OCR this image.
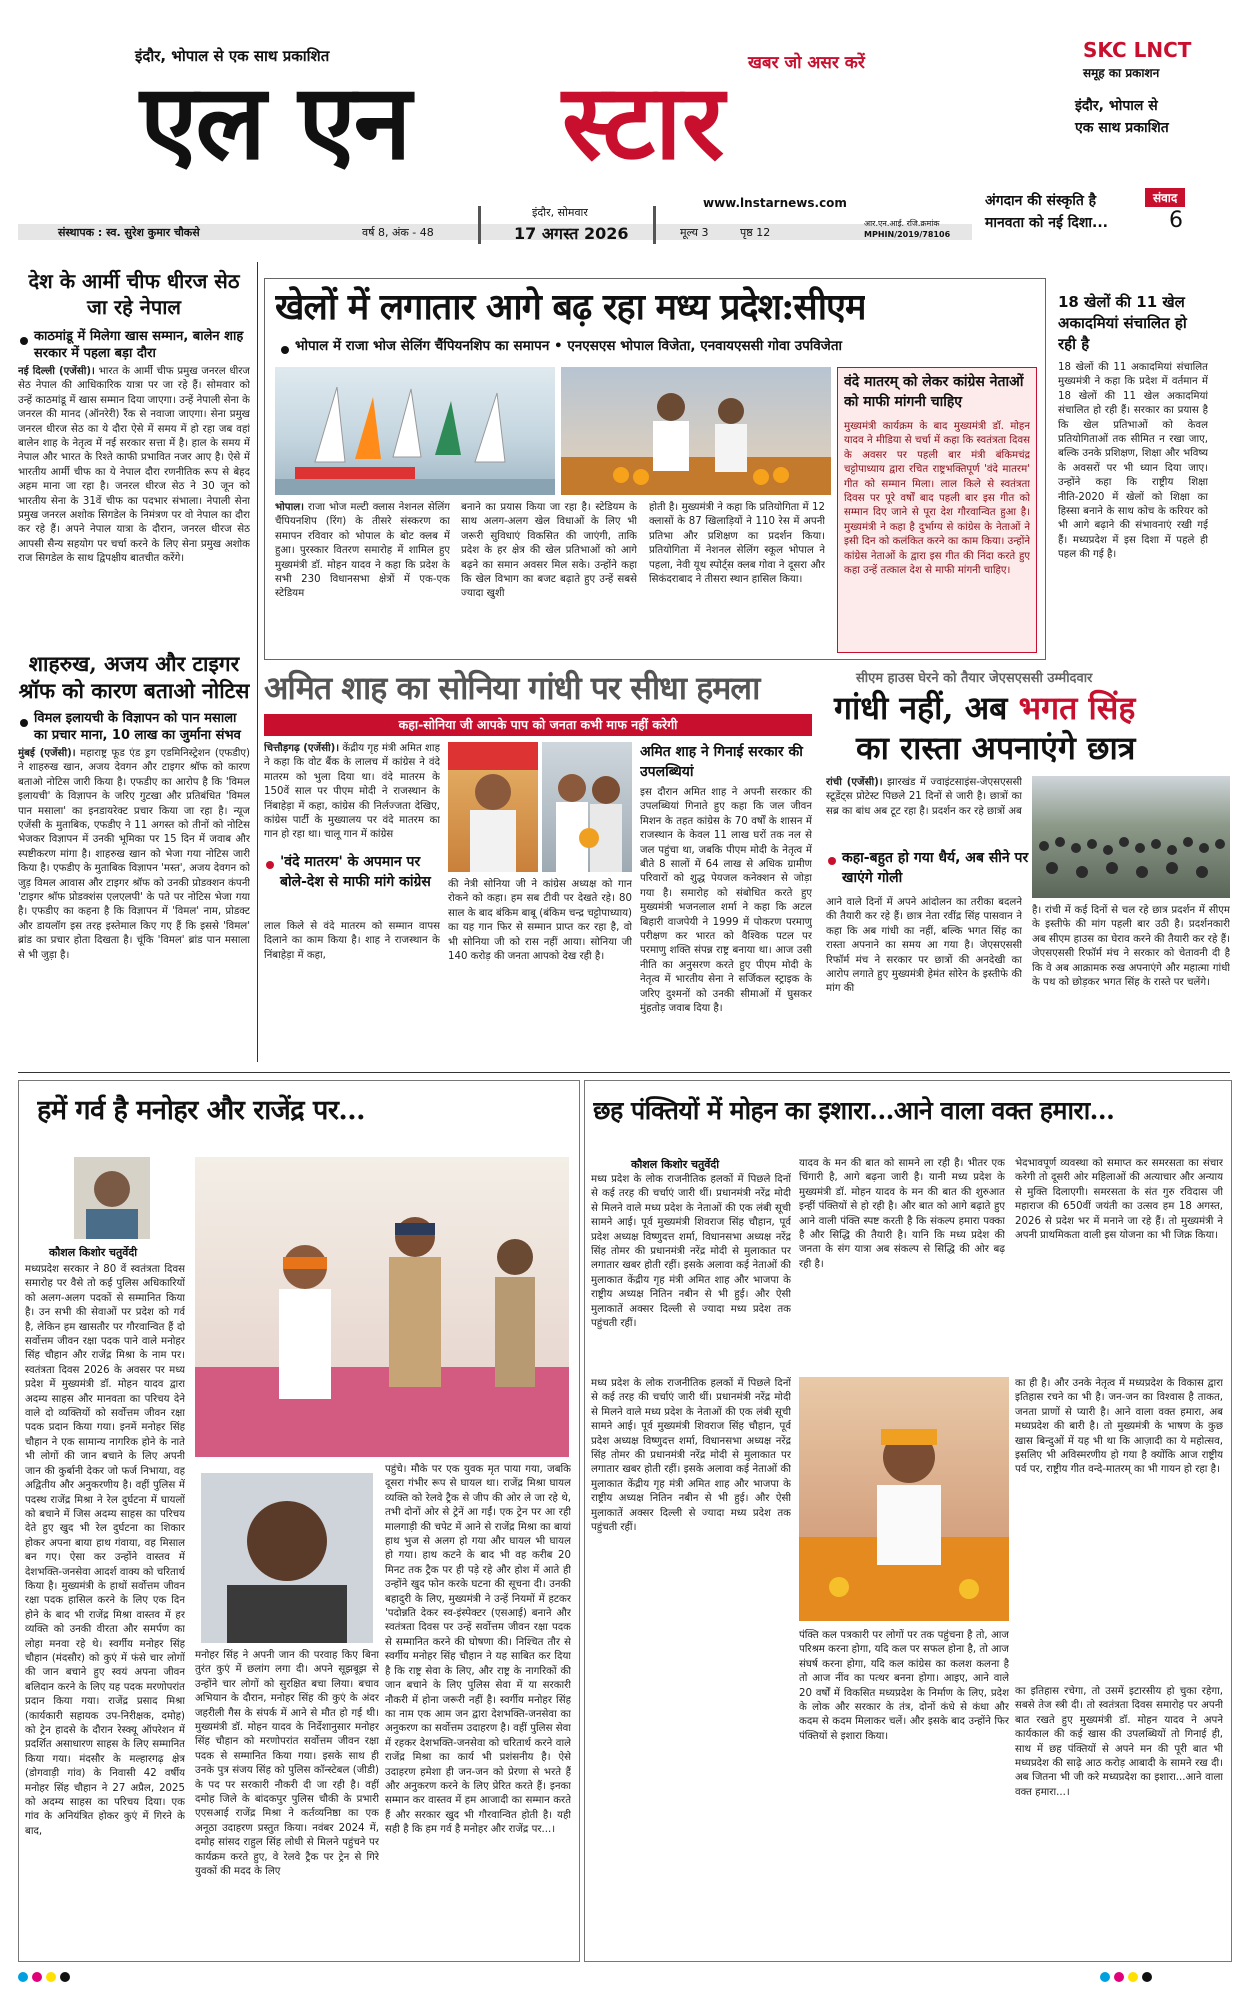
इंदौर, भोपाल से एक साथ प्रकाशित	खबर जो असर करें
एल एन स्टार
www.lnstarnews.com
SKC LNCT
समूह का प्रकाशन
इंदौर, भोपाल से
एक साथ प्रकाशित
अंगदान की संस्कृति है
मानवता को नई दिशा...
संवाद
6
संस्थापक : स्व. सुरेश कुमार चौकसे	वर्ष 8, अंक - 48
इंदौर, सोमवार
17 अगस्त 2026	मूल्य 3	पृष्ठ 12
आर.एन.आई. रजि.क्रमांक
MPHIN/2019/78106
देश के आर्मी चीफ धीरज सेठ जा रहे नेपाल
काठमांडू में मिलेगा खास सम्मान, बालेन शाह सरकार में पहला बड़ा दौरा
नई दिल्ली (एजेंसी)। भारत के आर्मी चीफ प्रमुख जनरल धीरज सेठ नेपाल की आधिकारिक यात्रा पर जा रहे हैं। सोमवार को उन्हें काठमांडू में खास सम्मान दिया जाएगा। उन्हें नेपाली सेना के जनरल की मानद (ऑनरेरी) रैंक से नवाजा जाएगा। सेना प्रमुख जनरल धीरज सेठ का ये दौरा ऐसे में समय में हो रहा जब वहां बालेन शाह के नेतृत्व में नई सरकार सत्ता में है। हाल के समय में नेपाल और भारत के रिश्ते काफी प्रभावित नजर आए है। ऐसे में भारतीय आर्मी चीफ का ये नेपाल दौरा रणनीतिक रूप से बेहद अहम माना जा रहा है। जनरल धीरज सेठ ने 30 जून को भारतीय सेना के 31वें चीफ का पदभार संभाला। नेपाली सेना प्रमुख जनरल अशोक सिगडेल के निमंत्रण पर वो नेपाल का दौरा कर रहे हैं। अपने नेपाल यात्रा के दौरान, जनरल धीरज सेठ आपसी सैन्य सहयोग पर चर्चा करने के लिए सेना प्रमुख अशोक राज सिगडेल के साथ द्विपक्षीय बातचीत करेंगे।
शाहरुख, अजय और टाइगर श्रॉफ को कारण बताओ नोटिस
विमल इलायची के विज्ञापन को पान मसाला का प्रचार माना, 10 लाख का जुर्माना संभव
मुंबई (एजेंसी)। महाराष्ट्र फूड एंड ड्रग एडमिनिस्ट्रेशन (एफडीए) ने शाहरुख खान, अजय देवगन और टाइगर श्रॉफ को कारण बताओ नोटिस जारी किया है। एफडीए का आरोप है कि 'विमल इलायची' के विज्ञापन के जरिए गुटखा और प्रतिबंधित 'विमल पान मसाला' का इनडायरेक्ट प्रचार किया जा रहा है। न्यूज एजेंसी के मुताबिक, एफडीए ने 11 अगस्त को तीनों को नोटिस भेजकर विज्ञापन में उनकी भूमिका पर 15 दिन में जवाब और स्पष्टीकरण मांगा है। शाहरुख खान को भेजा गया नोटिस जारी किया है। एफडीए के मुताबिक विज्ञापन 'मस्त', अजय देवगन को जुड़ विमल आवास और टाइगर श्रॉफ को उनकी प्रोडक्शन कंपनी 'टाइगर श्रॉफ प्रोडक्शंस एलएलपी' के पते पर नोटिस भेजा गया है। एफडीए का कहना है कि विज्ञापन में 'विमल' नाम, प्रोडक्ट और डायलॉग इस तरह इस्तेमाल किए गए हैं कि इससे 'विमल' ब्रांड का प्रचार होता दिखता है। चूंकि 'विमल' ब्रांड पान मसाला से भी जुड़ा है।
खेलों में लगातार आगे बढ़ रहा मध्य प्रदेश:सीएम
भोपाल में राजा भोज सेलिंग चैंपियनशिप का समापन • एनएसएस भोपाल विजेता, एनवायएससी गोवा उपविजेता
भोपाल। राजा भोज मल्टी क्लास नेशनल सेलिंग चैंपियनशिप (रिंग) के तीसरे संस्करण का समापन रविवार को भोपाल के बोट क्लब में हुआ। पुरस्कार वितरण समारोह में शामिल हुए मुख्यमंत्री डॉ. मोहन यादव ने कहा कि प्रदेश के सभी 230 विधानसभा क्षेत्रों में एक-एक स्टेडियम
बनाने का प्रयास किया जा रहा है। स्टेडियम के साथ अलग-अलग खेल विधाओं के लिए भी जरूरी सुविधाएं विकसित की जाएंगी, ताकि प्रदेश के हर क्षेत्र की खेल प्रतिभाओं को आगे बढ़ने का समान अवसर मिल सके। उन्होंने कहा कि खेल विभाग का बजट बढ़ाते हुए उन्हें सबसे ज्यादा खुशी
होती है। मुख्यमंत्री ने कहा कि प्रतियोगिता में 12 क्लासों के 87 खिलाड़ियों ने 110 रेस में अपनी प्रतिभा और प्रशिक्षण का प्रदर्शन किया। प्रतियोगिता में नेशनल सेलिंग स्कूल भोपाल ने पहला, नेवी यूथ स्पोर्ट्स क्लब गोवा ने दूसरा और सिकंदराबाद ने तीसरा स्थान हासिल किया।
वंदे मातरम् को लेकर कांग्रेस नेताओं को माफी मांगनी चाहिए
मुख्यमंत्री कार्यक्रम के बाद मुख्यमंत्री डॉ. मोहन यादव ने मीडिया से चर्चा में कहा कि स्वतंत्रता दिवस के अवसर पर पहली बार मंत्री बंकिमचंद्र चट्टोपाध्याय द्वारा रचित राष्ट्रभक्तिपूर्ण 'वंदे मातरम' गीत को सम्मान मिला। लाल किले से स्वतंत्रता दिवस पर पूरे वर्षों बाद पहली बार इस गीत को सम्मान दिए जाने से पूरा देश गौरवान्वित हुआ है। मुख्यमंत्री ने कहा है दुर्भाग्य से कांग्रेस के नेताओं ने इसी दिन को कलंकित करने का काम किया। उन्होंने कांग्रेस नेताओं के द्वारा इस गीत की निंदा करते हुए कहा उन्हें तत्काल देश से माफी मांगनी चाहिए।
18 खेलों की 11 खेल अकादमियां संचालित हो रही है
18 खेलों की 11 अकादमियां संचालित मुख्यमंत्री ने कहा कि प्रदेश में वर्तमान में 18 खेलों की 11 खेल अकादमियां संचालित हो रही हैं। सरकार का प्रयास है कि खेल प्रतिभाओं को केवल प्रतियोगिताओं तक सीमित न रखा जाए, बल्कि उनके प्रशिक्षण, शिक्षा और भविष्य के अवसरों पर भी ध्यान दिया जाए। उन्होंने कहा कि राष्ट्रीय शिक्षा नीति-2020 में खेलों को शिक्षा का हिस्सा बनाने के साथ कोच के करियर को भी आगे बढ़ाने की संभावनाएं रखी गई हैं। मध्यप्रदेश में इस दिशा में पहले ही पहल की गई है।
अमित शाह का सोनिया गांधी पर सीधा हमला
कहा-सोनिया जी आपके पाप को जनता कभी माफ नहीं करेगी
चित्तौड़गढ़ (एजेंसी)। केंद्रीय गृह मंत्री अमित शाह ने कहा कि वोट बैंक के लालच में कांग्रेस ने वंदे मातरम को भुला दिया था। वंदे मातरम के 150वें साल पर पीएम मोदी ने राजस्थान के निंबाहेड़ा में कहा, कांग्रेस की निर्लज्जता देखिए, कांग्रेस पार्टी के मुख्यालय पर वंदे मातरम का गान हो रहा था। चालू गान में कांग्रेस
'वंदे मातरम' के अपमान पर बोले-देश से माफी मांगे कांग्रेस
लाल किले से वंदे मातरम को सम्मान वापस दिलाने का काम किया है। शाह ने राजस्थान के निंबाहेड़ा में कहा,
की नेत्री सोनिया जी ने कांग्रेस अध्यक्ष को गान रोकने को कहा। हम सब टीवी पर देखते रहे। 80 साल के बाद बंकिम बाबू (बंकिम चन्द्र चट्टोपाध्याय) का यह गान फिर से सम्मान प्राप्त कर रहा है, वो भी सोनिया जी को रास नहीं आया। सोनिया जी 140 करोड़ की जनता आपको देख रही है।
अमित शाह ने गिनाई सरकार की उपलब्धियां
इस दौरान अमित शाह ने अपनी सरकार की उपलब्धियां गिनाते हुए कहा कि जल जीवन मिशन के तहत कांग्रेस के 70 वर्षों के शासन में राजस्थान के केवल 11 लाख घरों तक नल से जल पहुंचा था, जबकि पीएम मोदी के नेतृत्व में बीते 8 सालों में 64 लाख से अधिक ग्रामीण परिवारों को शुद्ध पेयजल कनेक्शन से जोड़ा गया है। समारोह को संबोधित करते हुए मुख्यमंत्री भजनलाल शर्मा ने कहा कि अटल बिहारी वाजपेयी ने 1999 में पोकरण परमाणु परीक्षण कर भारत को वैश्विक पटल पर परमाणु शक्ति संपन्न राष्ट्र बनाया था। आज उसी नीति का अनुसरण करते हुए पीएम मोदी के नेतृत्व में भारतीय सेना ने सर्जिकल स्ट्राइक के जरिए दुश्मनों को उनकी सीमाओं में घुसकर मुंहतोड़ जवाब दिया है।
सीएम हाउस घेरने को तैयार जेएसएससी उम्मीदवार
गांधी नहीं, अब भगत सिंह
का रास्ता अपनाएंगे छात्र
रांची (एजेंसी)। झारखंड में ज्वाइंटसाइंस-जेएसएससी स्टूडेंट्स प्रोटेस्ट पिछले 21 दिनों से जारी है। छात्रों का सब्र का बांध अब टूट रहा है। प्रदर्शन कर रहे छात्रों अब
कहा-बहुत हो गया धैर्य, अब सीने पर खाएंगे गोली
आने वाले दिनों में अपने आंदोलन का तरीका बदलने की तैयारी कर रहे हैं। छात्र नेता रवींद्र सिंह पासवान ने कहा कि अब गांधी का नहीं, बल्कि भगत सिंह का रास्ता अपनाने का समय आ गया है। जेएसएससी रिफॉर्म मंच ने सरकार पर छात्रों की अनदेखी का आरोप लगाते हुए मुख्यमंत्री हेमंत सोरेन के इस्तीफे की मांग की
है। रांची में कई दिनों से चल रहे छात्र प्रदर्शन में सीएम के इस्तीफे की मांग पहली बार उठी है। प्रदर्शनकारी अब सीएम हाउस का घेराव करने की तैयारी कर रहे हैं। जेएसएससी रिफॉर्म मंच ने सरकार को चेतावनी दी है कि वे अब आक्रामक रुख अपनाएंगे और महात्मा गांधी के पथ को छोड़कर भगत सिंह के रास्ते पर चलेंगे।
हमें गर्व है मनोहर और राजेंद्र पर...
कौशल किशोर चतुर्वेदी
मध्यप्रदेश सरकार ने 80 वें स्वतंत्रता दिवस समारोह पर वैसे तो कई पुलिस अधिकारियों को अलग-अलग पदकों से सम्मानित किया है। उन सभी की सेवाओं पर प्रदेश को गर्व है, लेकिन हम खासतौर पर गौरवान्वित हैं दो सर्वोत्तम जीवन रक्षा पदक पाने वाले मनोहर सिंह चौहान और राजेंद्र मिश्रा के नाम पर। स्वतंत्रता दिवस 2026 के अवसर पर मध्य प्रदेश में मुख्यमंत्री डॉ. मोहन यादव द्वारा अदम्य साहस और मानवता का परिचय देने वाले दो व्यक्तियों को सर्वोत्तम जीवन रक्षा पदक प्रदान किया गया। इनमें मनोहर सिंह चौहान ने एक सामान्य नागरिक होने के नाते भी लोगों की जान बचाने के लिए अपनी जान की कुर्बानी देकर जो फर्ज निभाया, वह अद्वितीय और अनुकरणीय है। वहीं पुलिस में पदस्थ राजेंद्र मिश्रा ने रेल दुर्घटना में घायलों को बचाने में जिस अदम्य साहस का परिचय देते हुए खुद भी रेल दुर्घटना का शिकार होकर अपना बाया हाथ गंवाया, वह मिसाल बन गए। ऐसा कर उन्होंने वास्तव में देशभक्ति-जनसेवा आदर्श वाक्य को चरितार्थ किया है। मुख्यमंत्री के हाथों सर्वोत्तम जीवन रक्षा पदक हासिल करने के लिए एक दिन होने के बाद भी राजेंद्र मिश्रा वास्तव में हर व्यक्ति को उनकी वीरता और समर्पण का लोहा मनवा रहे थे। स्वर्गीय मनोहर सिंह चौहान (मंदसौर) को कुएं में फंसे चार लोगों की जान बचाने हुए स्वयं अपना जीवन बलिदान करने के लिए यह पदक मरणोपरांत प्रदान किया गया। राजेंद्र प्रसाद मिश्रा (कार्यकारी सहायक उप-निरीक्षक, दमोह) को ट्रेन हादसे के दौरान रेस्क्यू ऑपरेशन में प्रदर्शित असाधारण साहस के लिए सम्मानित किया गया। मंदसौर के मल्हारगढ़ क्षेत्र (डोगवाड़ी गांव) के निवासी 42 वर्षीय मनोहर सिंह चौहान ने 27 अप्रैल, 2025 को अदम्य साहस का परिचय दिया। एक गांव के अनियंत्रित होकर कुएं में गिरने के बाद,
मनोहर सिंह ने अपनी जान की परवाह किए बिना तुरंत कुएं में छलांग लगा दी। अपने सूझबूझ से उन्होंने चार लोगों को सुरक्षित बचा लिया। बचाव अभियान के दौरान, मनोहर सिंह की कुएं के अंदर जहरीली गैस के संपर्क में आने से मौत हो गई थी। मुख्यमंत्री डॉ. मोहन यादव के निर्देशानुसार मनोहर सिंह चौहान को मरणोपरांत सर्वोत्तम जीवन रक्षा पदक से सम्मानित किया गया। इसके साथ ही उनके पुत्र संजय सिंह को पुलिस कॉन्स्टेबल (जीडी) के पद पर सरकारी नौकरी दी जा रही है। वहीं दमोह जिले के बांदकपुर पुलिस चौकी के प्रभारी एएसआई राजेंद्र मिश्रा ने कर्तव्यनिष्ठा का एक अनूठा उदाहरण प्रस्तुत किया। नवंबर 2024 में, दमोह सांसद राहुल सिंह लोधी से मिलने पहुंचने पर कार्यक्रम करते हुए, वे रेलवे ट्रैक पर ट्रेन से गिरे युवकों की मदद के लिए
पहुंचे। मौके पर एक युवक मृत पाया गया, जबकि दूसरा गंभीर रूप से घायल था। राजेंद्र मिश्रा घायल व्यक्ति को रेलवे ट्रैक से जीप की ओर ले जा रहे थे, तभी दोनों ओर से ट्रेनें आ गईं। एक ट्रेन पर आ रही मालगाड़ी की चपेट में आने से राजेंद्र मिश्रा का बायां हाथ भुज से अलग हो गया और घायल भी घायल हो गया। हाथ कटने के बाद भी वह करीब 20 मिनट तक ट्रैक पर ही पड़े रहे और होश में आते ही उन्होंने खुद फोन करके घटना की सूचना दी। उनकी बहादुरी के लिए, मुख्यमंत्री ने उन्हें नियमों में हटकर 'पदोन्नति देकर स्व-इंस्पेक्टर (एसआई) बनाने और स्वतंत्रता दिवस पर उन्हें सर्वोत्तम जीवन रक्षा पदक से सम्मानित करने की घोषणा की। निश्चित तौर से स्वर्गीय मनोहर सिंह चौहान ने यह साबित कर दिया है कि राष्ट्र सेवा के लिए, और राष्ट्र के नागरिकों की जान बचाने के लिए पुलिस सेवा में या सरकारी नौकरी में होना जरूरी नहीं है। स्वर्गीय मनोहर सिंह का नाम एक आम जन द्वारा देशभक्ति-जनसेवा का अनुकरण का सर्वोत्तम उदाहरण है। वहीं पुलिस सेवा में रहकर देशभक्ति-जनसेवा को चरितार्थ करने वाले राजेंद्र मिश्रा का कार्य भी प्रशंसनीय है। ऐसे उदाहरण हमेशा ही जन-जन को प्रेरणा से भरते हैं और अनुकरण करने के लिए प्रेरित करते हैं। इनका सम्मान कर वास्तव में हम आजादी का सम्मान करते हैं और सरकार खुद भी गौरवान्वित होती है। यही सही है कि हम गर्व है मनोहर और राजेंद्र पर...।
छह पंक्तियों में मोहन का इशारा...आने वाला वक्त हमारा...
कौशल किशोर चतुर्वेदी
मध्य प्रदेश के लोक राजनीतिक हलकों में पिछले दिनों से कई तरह की चर्चाएं जारी थीं। प्रधानमंत्री नरेंद्र मोदी से मिलने वाले मध्य प्रदेश के नेताओं की एक लंबी सूची सामने आई। पूर्व मुख्यमंत्री शिवराज सिंह चौहान, पूर्व प्रदेश अध्यक्ष विष्णुदत्त शर्मा, विधानसभा अध्यक्ष नरेंद्र सिंह तोमर की प्रधानमंत्री नरेंद्र मोदी से मुलाकात पर लगातार खबर होती रहीं। इसके अलावा कई नेताओं की मुलाकात केंद्रीय गृह मंत्री अमित शाह और भाजपा के राष्ट्रीय अध्यक्ष नितिन नबीन से भी हुई। और ऐसी मुलाकातें अक्सर दिल्ली से ज्यादा मध्य प्रदेश तक पहुंचती रहीं।
यादव के मन की बात को सामने ला रही है। भीतर एक चिंगारी है, आगे बढ़ना जारी है। यानी मध्य प्रदेश के मुख्यमंत्री डॉ. मोहन यादव के मन की बात की शुरुआत इन्हीं पंक्तियों से हो रही है। और बात को आगे बढ़ाते हुए आने वाली पंक्ति स्पष्ट करती है कि संकल्प हमारा पक्का है और सिद्धि की तैयारी है। यानि कि मध्य प्रदेश की जनता के संग यात्रा अब संकल्प से सिद्धि की ओर बढ़ रही है।
भेदभावपूर्ण व्यवस्था को समाप्त कर समरसता का संचार करेगी तो दूसरी ओर महिलाओं की अत्याचार और अन्याय से मुक्ति दिलाएगी। समरसता के संत गुरु रविदास जी महाराज की 650वीं जयंती का उत्सव हम 18 अगस्त, 2026 से प्रदेश भर में मनाने जा रहे हैं। तो मुख्यमंत्री ने अपनी प्राथमिकता वाली इस योजना का भी जिक्र किया।
मध्य प्रदेश के लोक राजनीतिक हलकों में पिछले दिनों से कई तरह की चर्चाएं जारी थीं। प्रधानमंत्री नरेंद्र मोदी से मिलने वाले मध्य प्रदेश के नेताओं की एक लंबी सूची सामने आई। पूर्व मुख्यमंत्री शिवराज सिंह चौहान, पूर्व प्रदेश अध्यक्ष विष्णुदत्त शर्मा, विधानसभा अध्यक्ष नरेंद्र सिंह तोमर की प्रधानमंत्री नरेंद्र मोदी से मुलाकात पर लगातार खबर होती रहीं। इसके अलावा कई नेताओं की मुलाकात केंद्रीय गृह मंत्री अमित शाह और भाजपा के राष्ट्रीय अध्यक्ष नितिन नबीन से भी हुई। और ऐसी मुलाकातें अक्सर दिल्ली से ज्यादा मध्य प्रदेश तक पहुंचती रहीं।
पंक्ति कल पत्रकारी पर लोगों पर तक पहुंचना है तो, आज परिश्रम करना होगा, यदि कल पर सफल होना है, तो आज संघर्ष करना होगा, यदि कल कांग्रेस का कलश कलना है तो आज नींव का पत्थर बनना होगा। आइए, आने वाले 20 वर्षों में विकसित मध्यप्रदेश के निर्माण के लिए, प्रदेश के लोक और सरकार के तंत्र, दोनों कंधे से कंधा और कदम से कदम मिलाकर चलें। और इसके बाद उन्होंने फिर पंक्तियों से इशारा किया।
का ही है। और उनके नेतृत्व में मध्यप्रदेश के विकास द्वारा इतिहास रचने का भी है। जन-जन का विश्वास है ताकत, जनता प्राणों से प्यारी है। आने वाला वक्त हमारा, अब मध्यप्रदेश की बारी है। तो मुख्यमंत्री के भाषण के कुछ खास बिन्दुओं में यह भी था कि आज़ादी का ये महोत्सव, इसलिए भी अविस्मरणीय हो गया है क्योंकि आज राष्ट्रीय पर्व पर, राष्ट्रीय गीत वन्दे-मातरम् का भी गायन हो रहा है।
का इतिहास रचेगा, तो उसमें इटारसीय हो चुका रहेगा, सबसे तेज स्त्री दी। तो स्वतंत्रता दिवस समारोह पर अपनी बात रखते हुए मुख्यमंत्री डॉ. मोहन यादव ने अपने कार्यकाल की कई खास की उपलब्धियों तो गिनाई ही, साथ में छह पंक्तियों से अपने मन की पूरी बात भी मध्यप्रदेश की साढ़े आठ करोड़ आबादी के सामने रख दी। अब जितना भी जी करे मध्यप्रदेश का इशारा...आने वाला वक्त हमारा...।
